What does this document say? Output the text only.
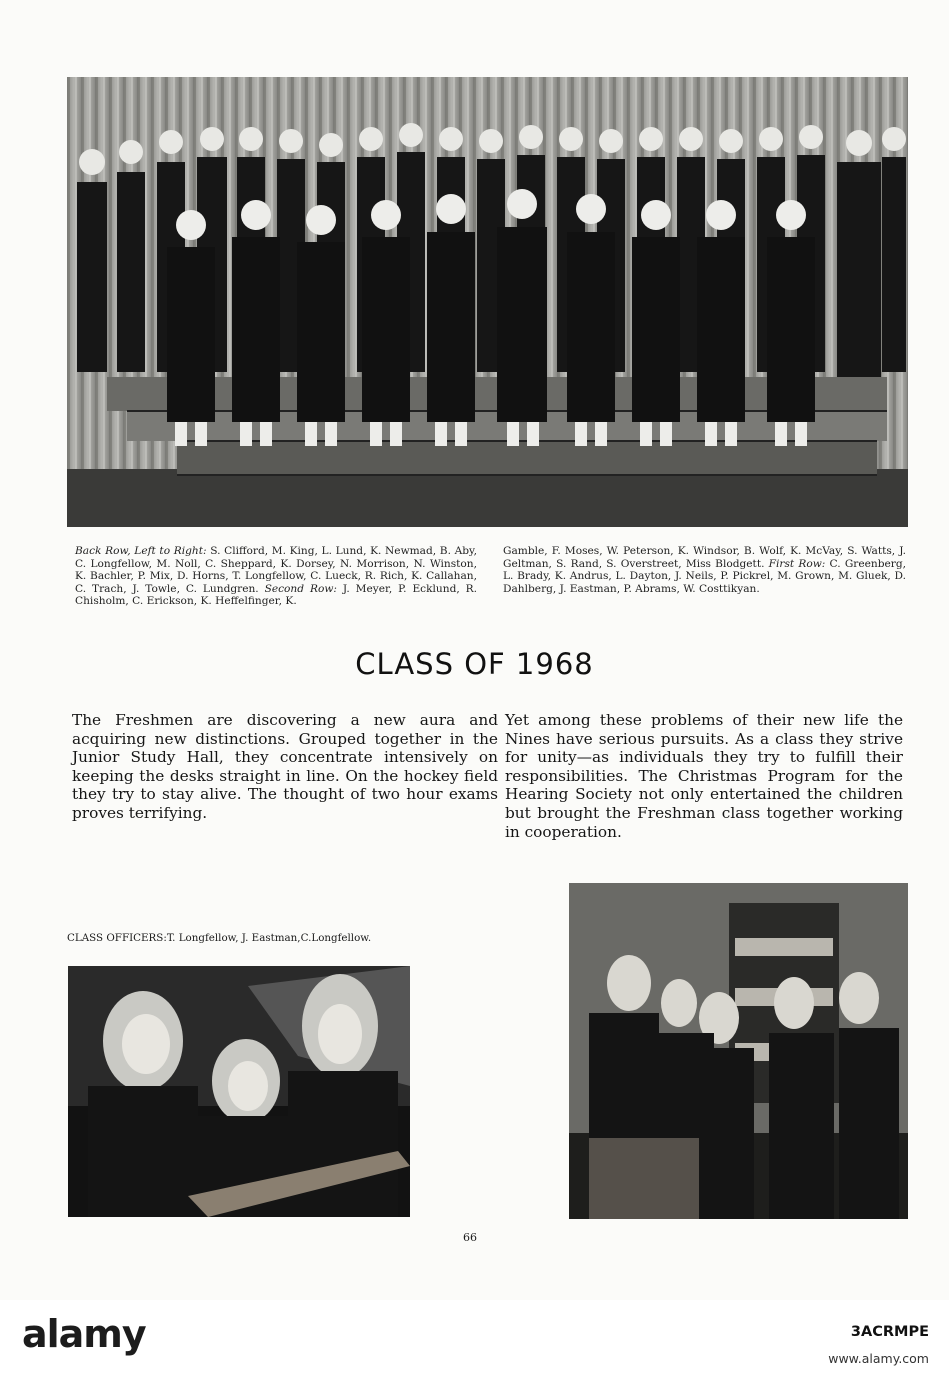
Back Row, Left to Right: S. Clifford, M. King, L. Lund, K. Newmad, B. Aby, C. Longfellow, M. Noll, C. Sheppard, K. Dorsey, N. Morrison, N. Winston, K. Bachler, P. Mix, D. Horns, T. Longfellow, C. Lueck, R. Rich, K. Callahan, C. Trach, J. Towle, C. Lundgren. Second Row: J. Meyer, P. Ecklund, R. Chisholm, C. Erickson, K. Heffelfinger, K.
Gamble, F. Moses, W. Peterson, K. Windsor, B. Wolf, K. McVay, S. Watts, J. Geltman, S. Rand, S. Overstreet, Miss Blodgett. First Row: C. Greenberg, L. Brady, K. Andrus, L. Dayton, J. Neils, P. Pickrel, M. Grown, M. Gluek, D. Dahlberg, J. Eastman, P. Abrams, W. Costtikyan.
CLASS OF 1968
The Freshmen are discovering a new aura and acquiring new distinctions. Grouped together in the Junior Study Hall, they concentrate intensively on keeping the desks straight in line. On the hockey field they try to stay alive. The thought of two hour exams proves terrifying.
Yet among these problems of their new life the Nines have serious pursuits. As a class they strive for unity—as individuals they try to fulfill their responsibilities. The Christmas Program for the Hearing Society not only entertained the children but brought the Freshman class together working in cooperation.
CLASS OFFICERS:T. Longfellow, J. Eastman,C.Longfellow.
66
alamy	3ACRMPE
www.alamy.com
